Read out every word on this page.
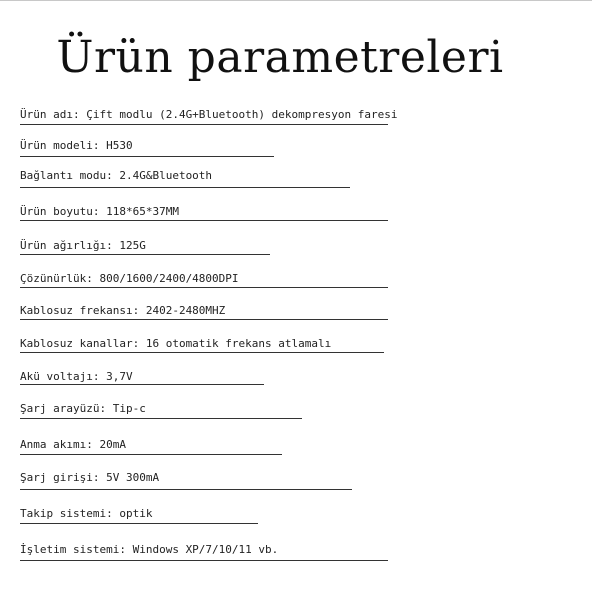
Ürün parametreleri
Ürün adı: Çift modlu (2.4G+Bluetooth) dekompresyon faresi
Ürün modeli: H530
Bağlantı modu: 2.4G&Bluetooth
Ürün boyutu: 118*65*37MM
Ürün ağırlığı: 125G
Çözünürlük: 800/1600/2400/4800DPI
Kablosuz frekansı: 2402-2480MHZ
Kablosuz kanallar: 16 otomatik frekans atlamalı
Akü voltajı: 3,7V
Şarj arayüzü: Tip-c
Anma akımı: 20mA
Şarj girişi: 5V 300mA
Takip sistemi: optik
İşletim sistemi: Windows XP/7/10/11 vb.
